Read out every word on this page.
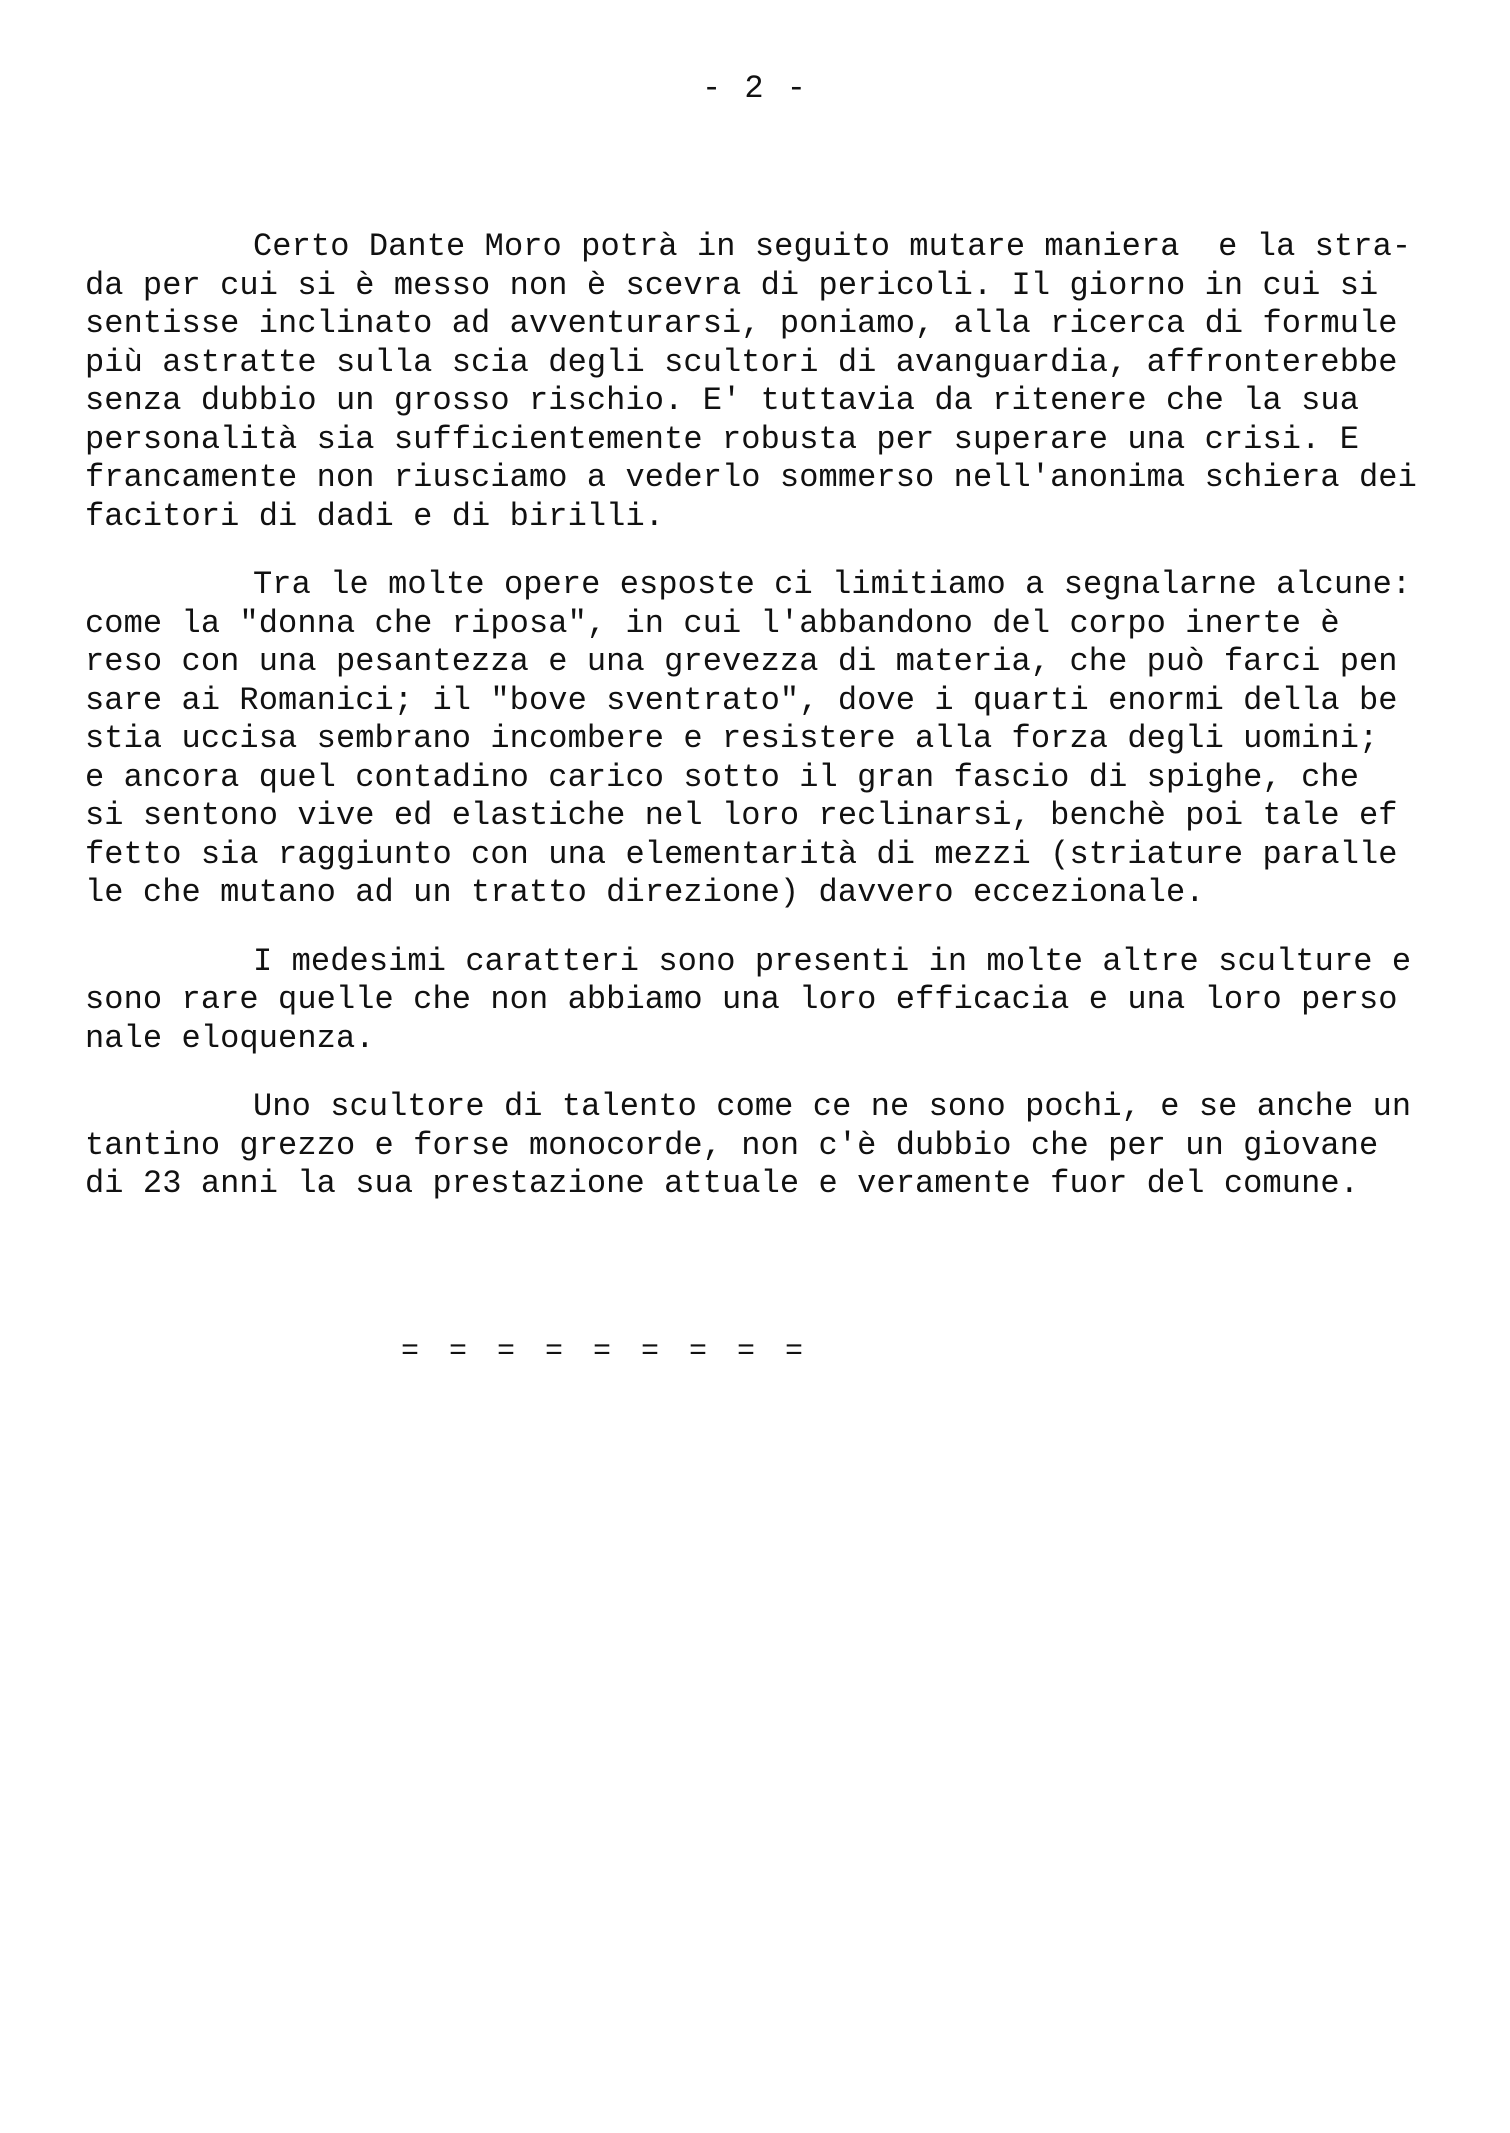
- 2 -
Certo Dante Moro potrà in seguito mutare maniera  e la stra-
da per cui si è messo non è scevra di pericoli. Il giorno in cui si
sentisse inclinato ad avventurarsi, poniamo, alla ricerca di formule
più astratte sulla scia degli scultori di avanguardia, affronterebbe
senza dubbio un grosso rischio. E' tuttavia da ritenere che la sua
personalità sia sufficientemente robusta per superare una crisi. E
francamente non riusciamo a vederlo sommerso nell'anonima schiera dei
facitori di dadi e di birilli.
Tra le molte opere esposte ci limitiamo a segnalarne alcune:
come la "donna che riposa", in cui l'abbandono del corpo inerte è
reso con una pesantezza e una grevezza di materia, che può farci pen
sare ai Romanici; il "bove sventrato", dove i quarti enormi della be
stia uccisa sembrano incombere e resistere alla forza degli uomini;
e ancora quel contadino carico sotto il gran fascio di spighe, che
si sentono vive ed elastiche nel loro reclinarsi, benchè poi tale ef
fetto sia raggiunto con una elementarità di mezzi (striature paralle
le che mutano ad un tratto direzione) davvero eccezionale.
I medesimi caratteri sono presenti in molte altre sculture e
sono rare quelle che non abbiamo una loro efficacia e una loro perso
nale eloquenza.
Uno scultore di talento come ce ne sono pochi, e se anche un
tantino grezzo e forse monocorde, non c'è dubbio che per un giovane
di 23 anni la sua prestazione attuale e veramente fuor del comune.
= = = = = = = = =
